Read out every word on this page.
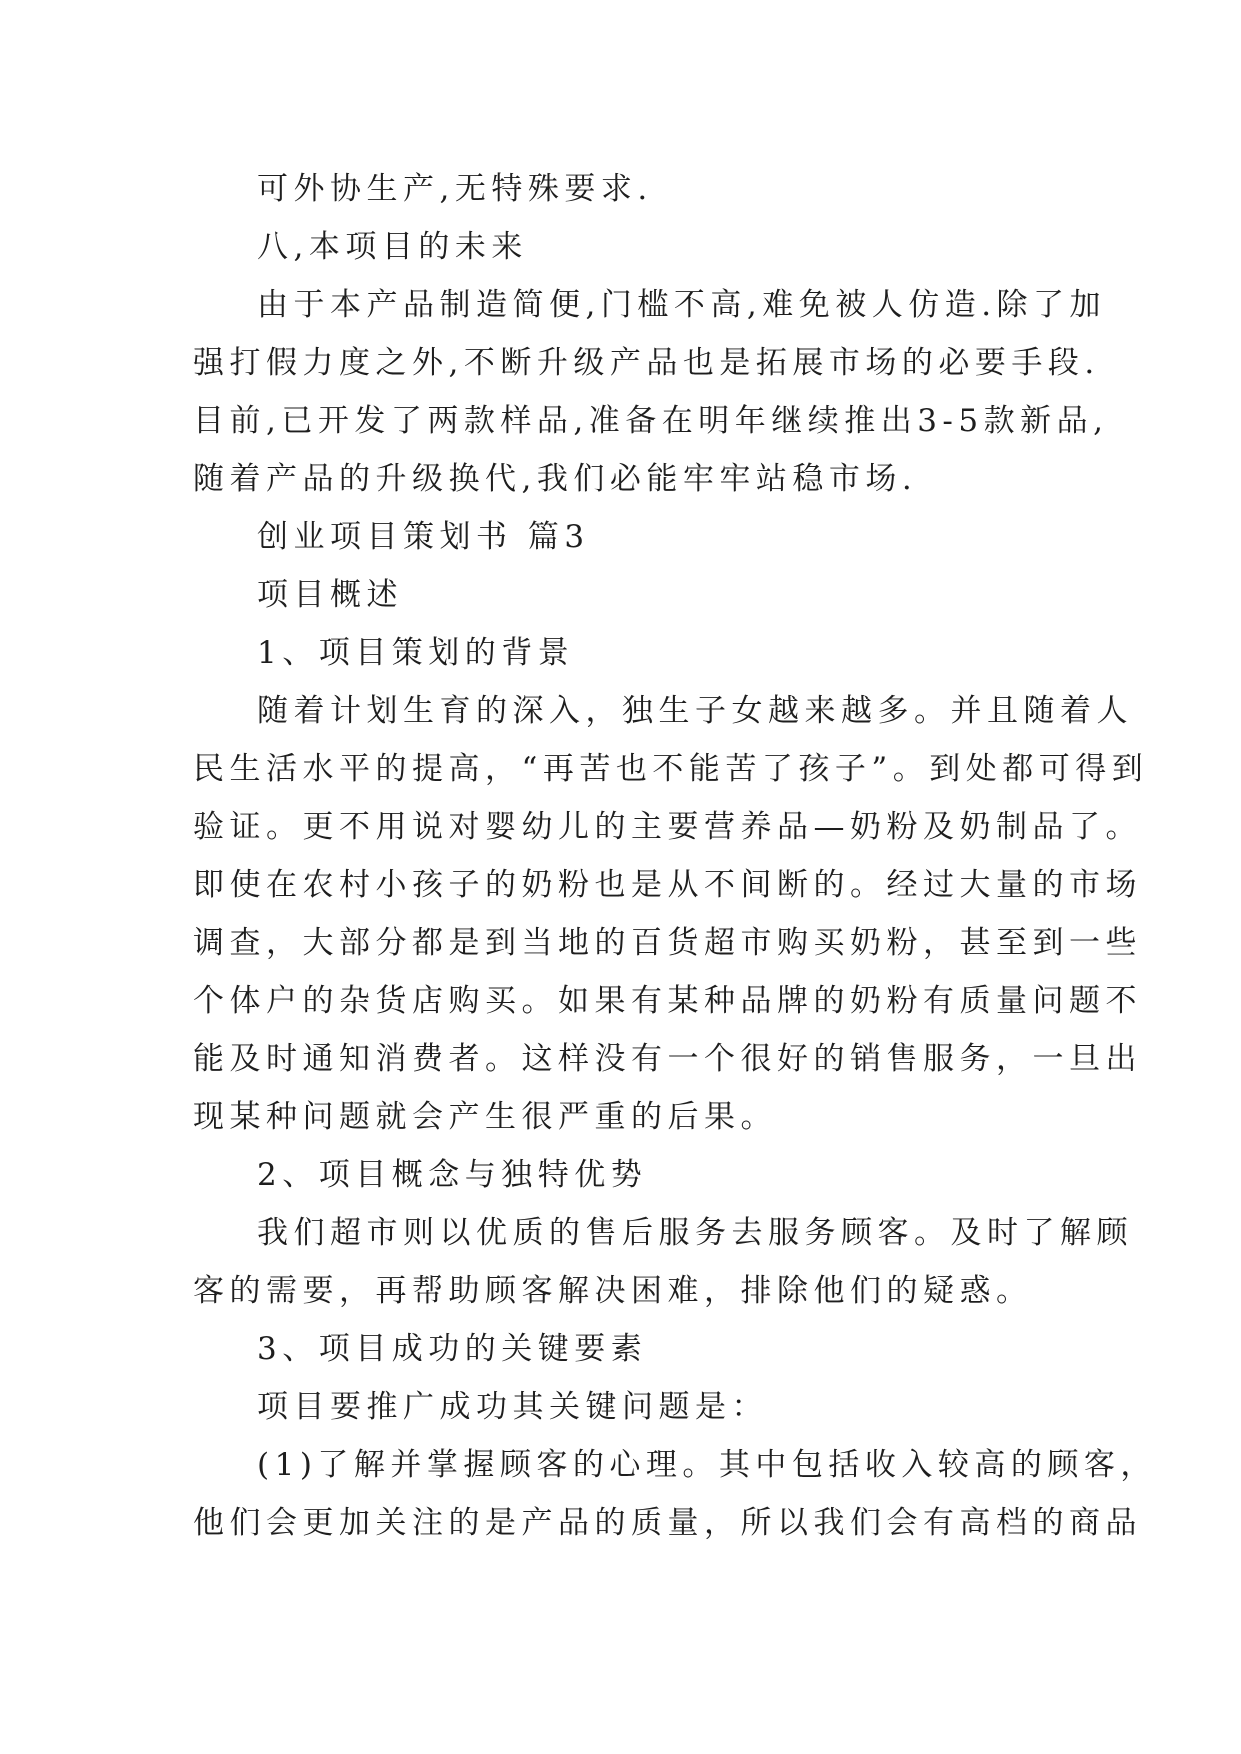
可外协生产,无特殊要求.
八,本项目的未来
由于本产品制造简便,门槛不高,难免被人仿造.除了加
强打假力度之外,不断升级产品也是拓展市场的必要手段.
目前,已开发了两款样品,准备在明年继续推出3-5款新品,
随着产品的升级换代,我们必能牢牢站稳市场.
创业项目策划书 篇3
项目概述
1、项目策划的背景
随着计划生育的深入，独生子女越来越多。并且随着人
民生活水平的提高，“再苦也不能苦了孩子”。到处都可得到
验证。更不用说对婴幼儿的主要营养品—奶粉及奶制品了。
即使在农村小孩子的奶粉也是从不间断的。经过大量的市场
调查，大部分都是到当地的百货超市购买奶粉，甚至到一些
个体户的杂货店购买。如果有某种品牌的奶粉有质量问题不
能及时通知消费者。这样没有一个很好的销售服务，一旦出
现某种问题就会产生很严重的后果。
2、项目概念与独特优势
我们超市则以优质的售后服务去服务顾客。及时了解顾
客的需要，再帮助顾客解决困难，排除他们的疑惑。
3、项目成功的关键要素
项目要推广成功其关键问题是：
(1)了解并掌握顾客的心理。其中包括收入较高的顾客，
他们会更加关注的是产品的质量，所以我们会有高档的商品
